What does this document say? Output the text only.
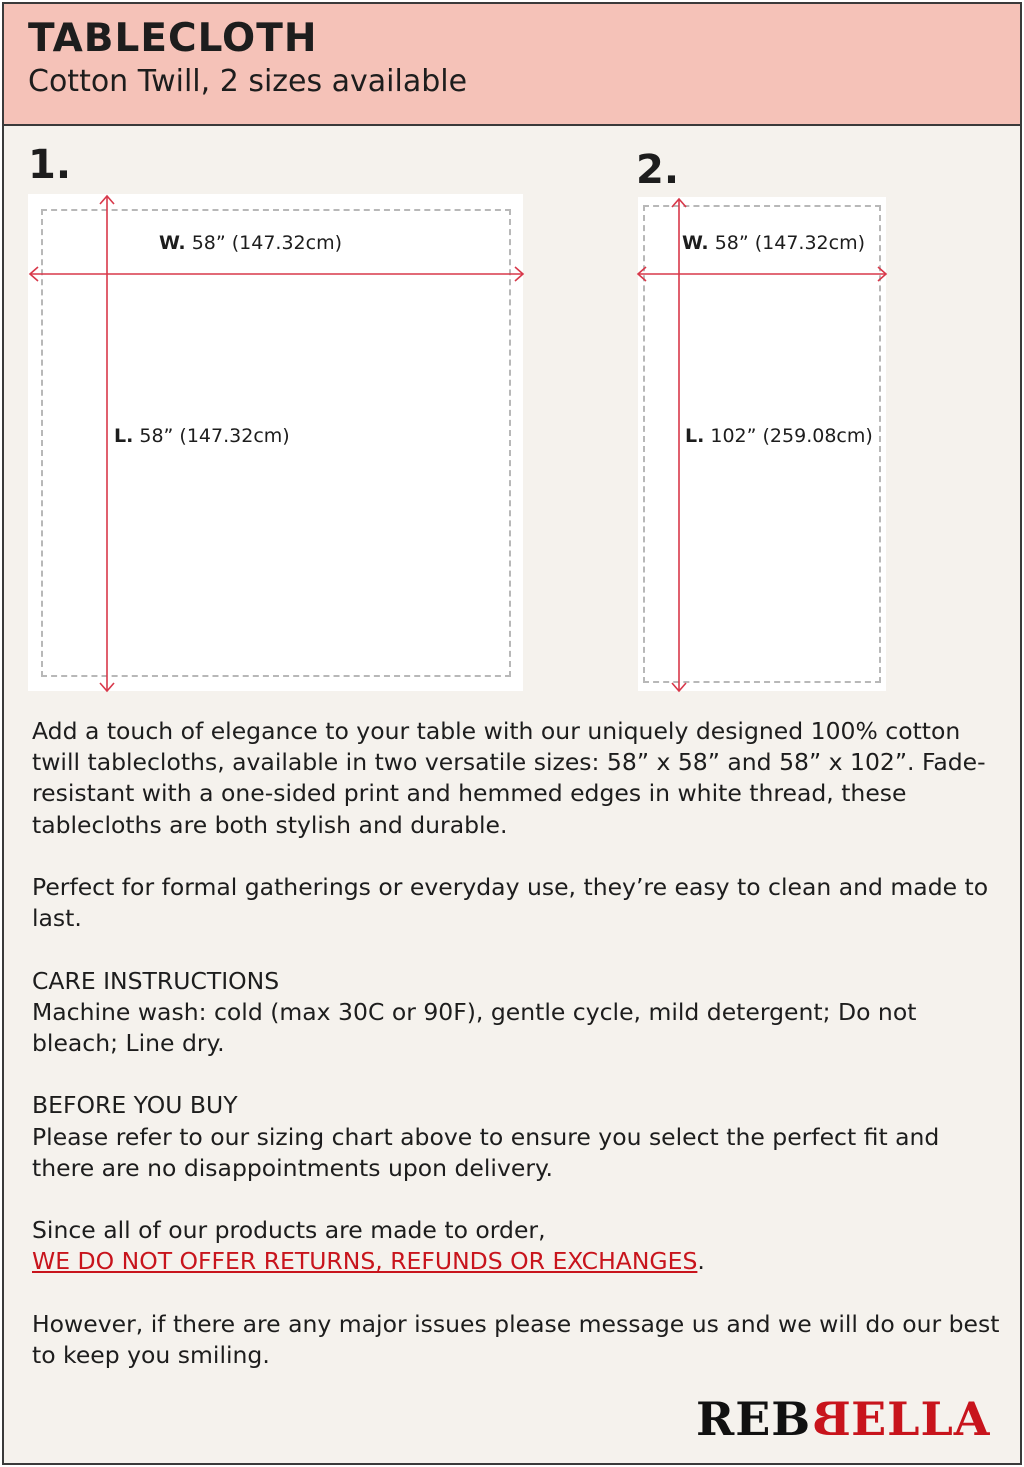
TABLECLOTH
Cotton Twill, 2 sizes available
1.
W. 58” (147.32cm)
L. 58” (147.32cm)
2.
W. 58” (147.32cm)
L. 102” (259.08cm)

Add a touch of elegance to your table with our uniquely designed 100% cotton twill tablecloths, available in two versatile sizes: 58” x 58” and 58” x 102”. Fade-resistant with a one-sided print and hemmed edges in white thread, these tablecloths are both stylish and durable.

Perfect for formal gatherings or everyday use, they’re easy to clean and made to last.

CARE INSTRUCTIONS

Machine wash: cold (max 30C or 90F), gentle cycle, mild detergent; Do not bleach; Line dry.

BEFORE YOU BUY

Please refer to our sizing chart above to ensure you select the perfect fit and there are no disappointments upon delivery.

Since all of our products are made to order,
WE DO NOT OFFER RETURNS, REFUNDS OR EXCHANGES.

However, if there are any major issues please message us and we will do our best to keep you smiling.

REBBELLA
